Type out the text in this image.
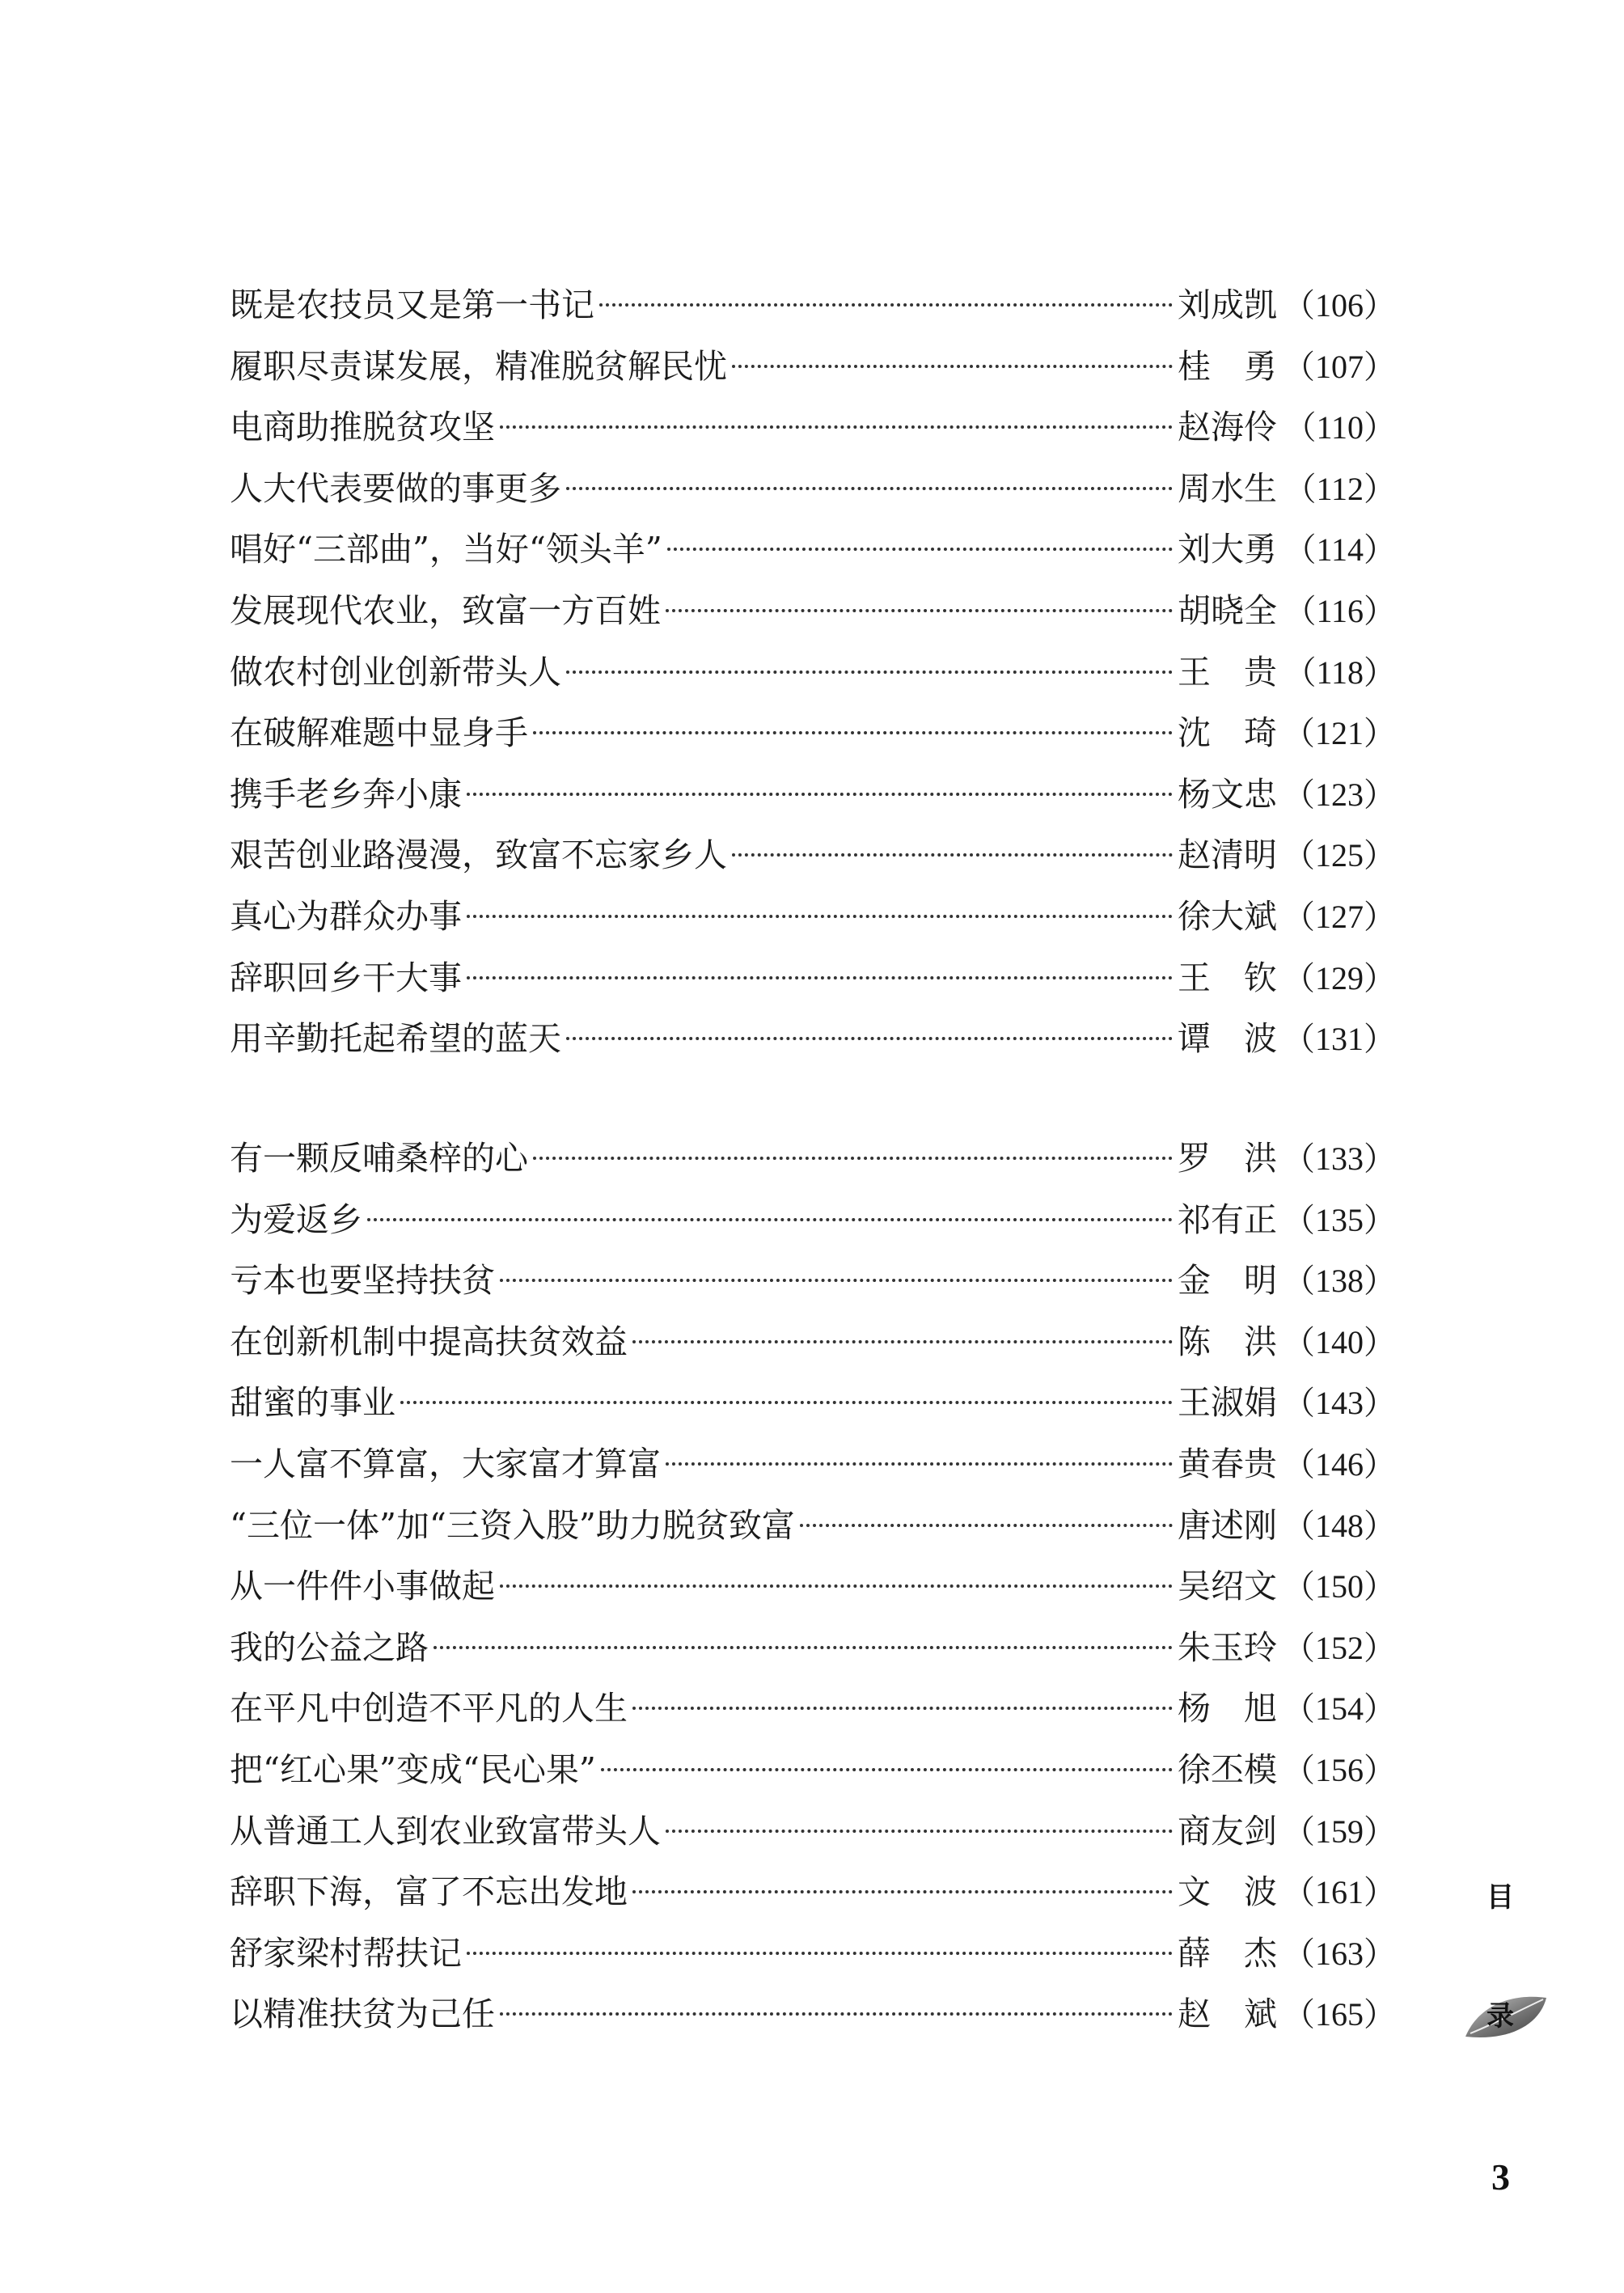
既是农技员又是第一书记	刘成凯 （106）
履职尽责谋发展，精准脱贫解民忧	桂　勇 （107）
电商助推脱贫攻坚	赵海伶 （110）
人大代表要做的事更多	周水生 （112）
唱好“三部曲”，当好“领头羊”	刘大勇 （114）
发展现代农业，致富一方百姓	胡晓全 （116）
做农村创业创新带头人	王　贵 （118）
在破解难题中显身手	沈　琦 （121）
携手老乡奔小康	杨文忠 （123）
艰苦创业路漫漫，致富不忘家乡人	赵清明 （125）
真心为群众办事	徐大斌 （127）
辞职回乡干大事	王　钦 （129）
用辛勤托起希望的蓝天	谭　波 （131）
有一颗反哺桑梓的心	罗　洪 （133）
为爱返乡	祁有正 （135）
亏本也要坚持扶贫	金　明 （138）
在创新机制中提高扶贫效益	陈　洪 （140）
甜蜜的事业	王淑娟 （143）
一人富不算富，大家富才算富	黄春贵 （146）
“三位一体”加“三资入股”助力脱贫致富	唐述刚 （148）
从一件件小事做起	吴绍文 （150）
我的公益之路	朱玉玲 （152）
在平凡中创造不平凡的人生	杨　旭 （154）
把“红心果”变成“民心果”	徐丕模 （156）
从普通工人到农业致富带头人	商友剑 （159）
辞职下海，富了不忘出发地	文　波 （161）
舒家梁村帮扶记	薛　杰 （163）
以精准扶贫为己任	赵　斌 （165）
目
录
3
